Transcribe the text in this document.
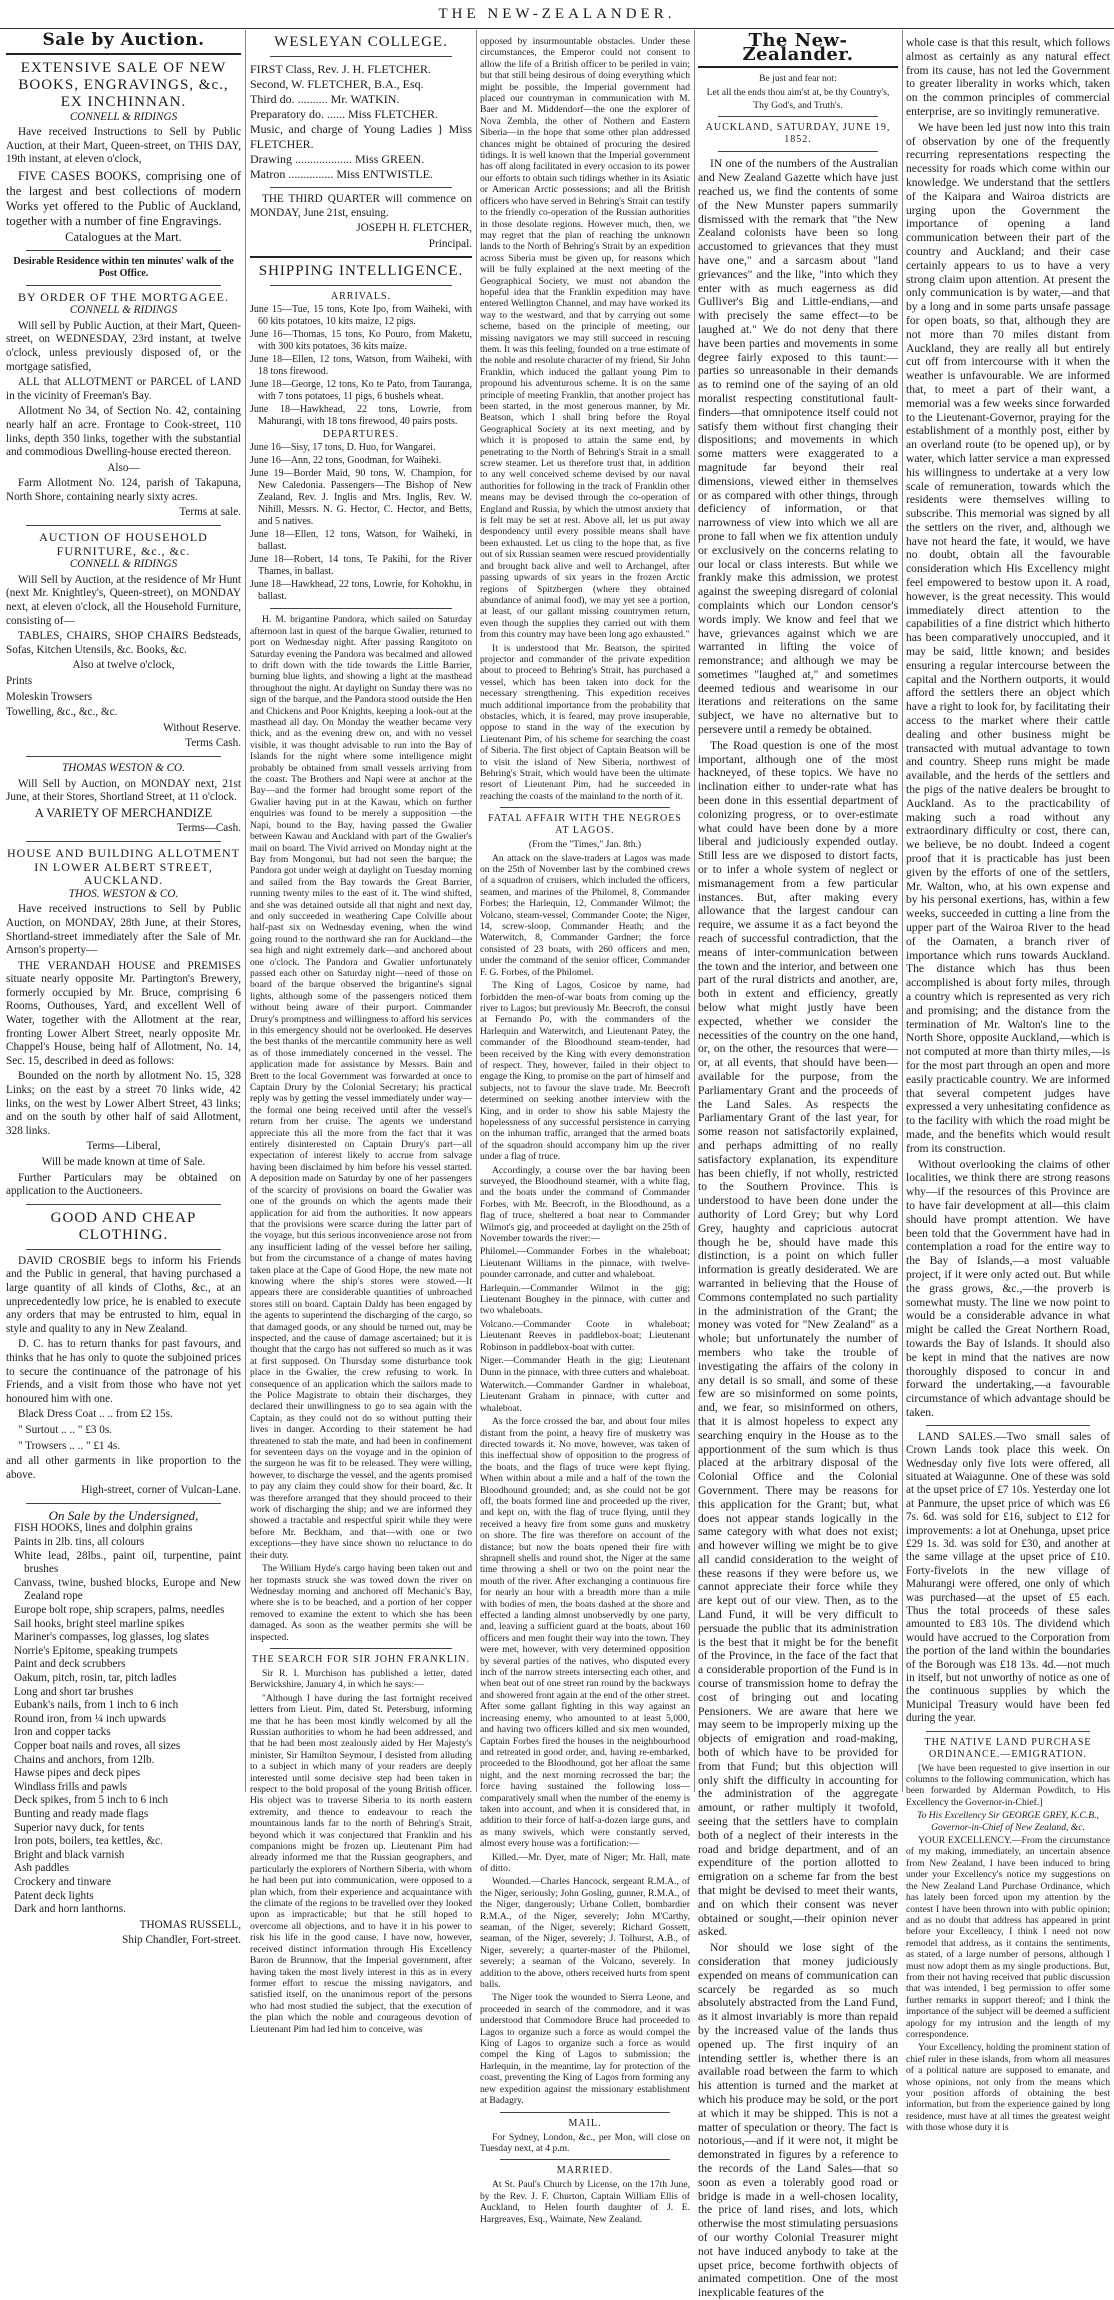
THE NEW-ZEALANDER.
Sale by Auction.
EXTENSIVE SALE OF NEW BOOKS, ENGRAVINGS, &c., EX INCHINNAN.
CONNELL & RIDINGS

Have received Instructions to Sell by Public Auction, at their Mart, Queen-street, on THIS DAY, 19th instant, at eleven o'clock,

FIVE CASES BOOKS, comprising one of the largest and best collections of modern Works yet offered to the Public of Auckland, together with a number of fine Engravings.

Catalogues at the Mart.

Desirable Residence within ten minutes' walk of the Post Office.

BY ORDER OF THE MORTGAGEE.
CONNELL & RIDINGS

Will sell by Public Auction, at their Mart, Queen-street, on WEDNESDAY, 23rd instant, at twelve o'clock, unless previously disposed of, or the mortgage satisfied,

ALL that ALLOTMENT or PARCEL of LAND in the vicinity of Freeman's Bay.

Allotment No 34, of Section No. 42, containing nearly half an acre. Frontage to Cook-street, 110 links, depth 350 links, together with the substantial and commodious Dwelling-house erected thereon.

Also—

Farm Allotment No. 124, parish of Takapuna, North Shore, containing nearly sixty acres.

Terms at sale.

AUCTION OF HOUSEHOLD FURNITURE, &c., &c.
CONNELL & RIDINGS

Will Sell by Auction, at the residence of Mr Hunt (next Mr. Knightley's, Queen-street), on MONDAY next, at eleven o'clock, all the Household Furniture, consisting of—

TABLES, CHAIRS, SHOP CHAIRS Bedsteads, Sofas, Kitchen Utensils, &c. Books, &c.

Also at twelve o'clock,

Prints

Moleskin Trowsers

Towelling, &c., &c., &c.

Without Reserve.

Terms Cash.

THOMAS WESTON & CO.

Will Sell by Auction, on MONDAY next, 21st June, at their Stores, Shortland Street, at 11 o'clock.

A VARIETY OF MERCHANDIZE

Terms—Cash.

HOUSE AND BUILDING ALLOTMENT IN LOWER ALBERT STREET, AUCKLAND.
THOS. WESTON & CO.

Have received instructions to Sell by Public Auction, on MONDAY, 28th June, at their Stores, Shortland-street immediately after the Sale of Mr. Arnson's property—

THE VERANDAH HOUSE and PREMISES situate nearly opposite Mr. Partington's Brewery, formerly occupied by Mr. Bruce, comprising 6 Rooms, Outhouses, Yard, and excellent Well of Water, together with the Allotment at the rear, fronting Lower Albert Street, nearly opposite Mr. Chappel's House, being half of Allotment, No. 14, Sec. 15, described in deed as follows:

Bounded on the north by allotment No. 15, 328 Links; on the east by a street 70 links wide, 42 links, on the west by Lower Albert Street, 43 links; and on the south by other half of said Allotment, 328 links.

Terms—Liberal,

Will be made known at time of Sale.

Further Particulars may be obtained on application to the Auctioneers.

GOOD AND CHEAP CLOTHING.

DAVID CROSBIE begs to inform his Friends and the Public in general, that having purchased a large quantity of all kinds of Cloths, &c., at an unprecedentedly low price, he is enabled to execute any orders that may be entrusted to him, equal in style and quality to any in New Zealand.

D. C. has to return thanks for past favours, and thinks that he has only to quote the subjoined prices to secure the continuance of the patronage of his Friends, and a visit from those who have not yet honoured him with one.

Black Dress Coat .. .. from £2 15s.

" Surtout .. .. " £3 0s.

" Trowsers .. .. " £1 4s.

and all other garments in like proportion to the above.

High-street, corner of Vulcan-Lane.

On Sale by the Undersigned,
FISH HOOKS, lines and dolphin grains
Paints in 2lb. tins, all colours
White lead, 28lbs., paint oil, turpentine, paint brushes
Canvass, twine, bushed blocks, Europe and New Zealand rope
Europe bolt rope, ship scrapers, palms, needles
Sail hooks, bright steel marline spikes
Mariner's compasses, log glasses, log slates
Norrie's Epitome, speaking trumpets
Paint and deck scrubbers
Oakum, pitch, rosin, tar, pitch ladles
Long and short tar brushes
Eubank's nails, from 1 inch to 6 inch
Round iron, from ¼ inch upwards
Iron and copper tacks
Copper boat nails and roves, all sizes
Chains and anchors, from 12lb.
Hawse pipes and deck pipes
Windlass frills and pawls
Deck spikes, from 5 inch to 6 inch
Bunting and ready made flags
Superior navy duck, for tents
Iron pots, boilers, tea kettles, &c.
Bright and black varnish
Ash paddles
Crockery and tinware
Patent deck lights
Dark and horn lanthorns.

THOMAS RUSSELL,

Ship Chandler, Fort-street.

WESLEYAN COLLEGE.

FIRST Class, Rev. J. H. FLETCHER.

Second, W. FLETCHER, B.A., Esq.

Third do. .......... Mr. WATKIN.

Preparatory do. ...... Miss FLETCHER.

Music, and charge of Young Ladies } Miss FLETCHER.

Drawing ................... Miss GREEN.

Matron ............... Miss ENTWISTLE.

THE THIRD QUARTER will commence on MONDAY, June 21st, ensuing.

JOSEPH H. FLETCHER,

Principal.

SHIPPING INTELLIGENCE.
ARRIVALS.

June 15—Tue, 15 tons, Kote Ipo, from Waiheki, with 60 kits potatoes, 10 kits maize, 12 pigs.

June 16—Thomas, 15 tons, Ko Pouro, from Maketu, with 300 kits potatoes, 36 kits maize.

June 18—Ellen, 12 tons, Watson, from Waiheki, with 18 tons firewood.

June 18—George, 12 tons, Ko te Pato, from Tauranga, with 7 tons potatoes, 11 pigs, 6 bushels wheat.

June 18—Hawkhead, 22 tons, Lowrie, from Mahurangi, with 18 tons firewood, 40 pairs posts.

DEPARTURES.

June 16—Sisy, 17 tons, D. Huo, for Wangarei.

June 16—Ann, 22 tons, Goodman, for Waiheki.

June 19—Border Maid, 90 tons, W. Champion, for New Caledonia. Passengers—The Bishop of New Zealand, Rev. J. Inglis and Mrs. Inglis, Rev. W. Nihill, Messrs. N. G. Hector, C. Hector, and Betts, and 5 natives.

June 18—Ellen, 12 tons, Watson, for Waiheki, in ballast.

June 18—Robert, 14 tons, Te Pakihi, for the River Thames, in ballast.

June 18—Hawkhead, 22 tons, Lowrie, for Kohokhu, in ballast.

H. M. brigantine Pandora, which sailed on Saturday afternoon last in quest of the barque Gwalier, returned to port on Wednesday night. After passing Rangitoto on Saturday evening the Pandora was becalmed and allowed to drift down with the tide towards the Little Barrier, burning blue lights, and showing a light at the masthead throughout the night. At daylight on Sunday there was no sign of the barque, and the Pandora stood outside the Hen and Chickens and Poor Knights, keeping a look-out at the masthead all day. On Monday the weather became very thick, and as the evening drew on, and with no vessel visible, it was thought advisable to run into the Bay of Islands for the night where some intelligence might probably be obtained from small vessels arriving from the coast. The Brothers and Napi were at anchor at the Bay—and the former had brought some report of the Gwalier having put in at the Kawau, which on further enquiries was found to be merely a supposition —the Napi, bound to the Bay, having passed the Gwalier between Kawau and Auckland with part of the Gwalier's mail on board. The Vivid arrived on Monday night at the Bay from Mongonui, but had not seen the barque; the Pandora got under weigh at daylight on Tuesday morning and sailed from the Bay towards the Great Barrier, running twenty miles to the east of it. The wind shifted, and she was detained outside all that night and next day, and only succeeded in weathering Cape Colville about half-past six on Wednesday evening, when the wind going round to the northward she ran for Auckland—the sea high and night extremely dark—and anchored about one o'clock. The Pandora and Gwalier unfortunately passed each other on Saturday night—need of those on board of the barque observed the brigantine's signal lights, although some of the passengers noticed them without being aware of their purport. Commander Drury's promptness and willingness to afford his services in this emergency should not be overlooked. He deserves the best thanks of the mercantile community here as well as of those immediately concerned in the vessel. The application made for assistance by Messrs. Bain and Brett to the local Government was forwarded at once to Captain Drury by the Colonial Secretary; his practical reply was by getting the vessel immediately under way—the formal one being received until after the vessel's return from her cruise. The agents we understand appreciate this all the more from the fact that it was entirely disinterested on Captain Drury's part—all expectation of interest likely to accrue from salvage having been disclaimed by him before his vessel started. A deposition made on Saturday by one of her passengers of the scarcity of provisions on board the Gwalier was one of the grounds on which the agents made their application for aid from the authorities. It now appears that the provisions were scarce during the latter part of the voyage, but this serious inconvenience arose not from any insufficient lading of the vessel before her sailing, but from the circumstance of a change of mates having taken place at the Cape of Good Hope, the new mate not knowing where the ship's stores were stowed.—It appears there are considerable quantities of unbroached stores still on board. Captain Daldy has been engaged by the agents to superintend the discharging of the cargo, so that damaged goods, or any should be turned out, may be inspected, and the cause of damage ascertained; but it is thought that the cargo has not suffered so much as it was at first supposed. On Thursday some disturbance took place in the Gwalier, the crew refusing to work. In consequence of an application which the sailors made to the Police Magistrate to obtain their discharges, they declared their unwillingness to go to sea again with the Captain, as they could not do so without putting their lives in danger. According to their statement he had threatened to stab the mate, and had been in confinement for seventeen days on the voyage and in the opinion of the surgeon he was fit to be released. They were willing, however, to discharge the vessel, and the agents promised to pay any claim they could show for their board, &c. It was therefore arranged that they should proceed to their work of discharging the ship; and we are informed they showed a tractable and respectful spirit while they were before Mr. Beckham, and that—with one or two exceptions—they have since shown no reluctance to do their duty.

The William Hyde's cargo having been taken out and her topmasts struck she was towed down the river on Wednesday morning and anchored off Mechanic's Bay, where she is to be beached, and a portion of her copper removed to examine the extent to which she has been damaged. As soon as the weather permits she will be inspected.

THE SEARCH FOR SIR JOHN FRANKLIN.

Sir R. I. Murchison has published a letter, dated Berwickshire, January 4, in which he says:—

"Although I have during the last fortnight received letters from Lieut. Pim, dated St. Petersburg, informing me that he has been most kindly welcomed by all the Russian authorities to whom he had been addressed, and that he had been most zealously aided by Her Majesty's minister, Sir Hamilton Seymour, I desisted from alluding to a subject in which many of your readers are deeply interested until some decisive step had been taken in respect to the bold proposal of the young British officer. His object was to traverse Siberia to its north eastern extremity, and thence to endeavour to reach the mountainous lands far to the north of Behring's Strait, beyond which it was conjectured that Franklin and his companions might be frozen up. Lieutenant Pim had already informed me that the Russian geographers, and particularly the explorers of Northern Siberia, with whom he had been put into communication, were opposed to a plan which, from their experience and acquaintance with the climate of the regions to be travelled over they looked upon as impracticable; but that he still hoped to overcome all objections, and to have it in his power to risk his life in the good cause. I have now, however, received distinct information through His Excellency Baron de Brunnow, that the Imperial government, after having taken the most lively interest in this as in every former effort to rescue the missing navigators, and satisfied itself, on the unanimous report of the persons who had most studied the subject, that the execution of the plan which the noble and courageous devotion of Lieutenant Pim had led him to conceive, was

opposed by insurmountable obstacles. Under these circumstances, the Emperor could not consent to allow the life of a British officer to be periled in vain; but that still being desirous of doing everything which might be possible, the Imperial government had placed our countryman in communication with M. Baer and M. Middendorf—the one the explorer of Nova Zembla, the other of Nothern and Eastern Siberia—in the hope that some other plan addressed chances might be obtained of procuring the desired tidings. It is well known that the Imperial government has off along facilitated in every occasion to its power our efforts to obtain such tidings whether in its Asiatic or American Arctic possessions; and all the British officers who have served in Behring's Strait can testify to the friendly co-operation of the Russian authorities in those desolate regions. However much, then, we may regret that the plan of reaching the unknown lands to the North of Behring's Strait by an expedition across Siberia must be given up, for reasons which will be fully explained at the next meeting of the Geographical Society, we must not abandon the hopeful idea that the Franklin expedition may have entered Wellington Channel, and may have worked its way to the westward, and that by carrying out some scheme, based on the principle of meeting, our missing navigators we may still succeed in rescuing them. It was this feeling, founded on a true estimate of the noble and resolute character of my friend, Sir John Franklin, which induced the gallant young Pim to propound his adventurous scheme. It is on the same principle of meeting Franklin, that another project has been started, in the most generous manner, by Mr. Beatson, which I shall bring before the Royal Geographical Society at its next meeting, and by which it is proposed to attain the same end, by penetrating to the North of Behring's Strait in a small screw steamer. Let us therefore trust that, in addition to any well conceived scheme devised by our naval authorities for following in the track of Franklin other means may be devised through the co-operation of England and Russia, by which the utmost anxiety that is felt may be set at rest. Above all, let us put away despondency until every possible means shall have been exhausted. Let us cling to the hope that, as five out of six Russian seamen were rescued providentially and brought back alive and well to Archangel, after passing upwards of six years in the frozen Arctic regions of Spitzbergen (where they obtained abundance of animal food), we may yet see a portion, at least, of our gallant missing countrymen return, even though the supplies they carried out with them from this country may have been long ago exhausted."

It is understood that Mr. Beatson, the spirited projector and commander of the private expedition about to proceed to Behring's Strait, has purchased a vessel, which has been taken into dock for the necessary strengthening. This expedition receives much additional importance from the probability that obstacles, which, it is feared, may prove insuperable, oppose to stand in the way of the execution by Lieutenant Pim, of his scheme for searching the coast of Siberia. The first object of Captain Beatson will be to visit the island of New Siberia, northwest of Behring's Strait, which would have been the ultimate resort of Lieutenant Pim, had he succeeded in reaching the coasts of the mainland to the north of it.

FATAL AFFAIR WITH THE NEGROES AT LAGOS.

(From the "Times," Jan. 8th.)

An attack on the slave-traders at Lagos was made on the 25th of November last by the combined crews of a squadron of cruisers, which included the officers, seamen, and marines of the Philomel, 8, Commander Forbes; the Harlequin, 12, Commander Wilmot; the Volcano, steam-vessel, Commander Coote; the Niger, 14, screw-sloop, Commander Heath; and the Waterwitch, 8, Commander Gardner; the force consisted of 23 boats, with 260 officers and men, under the command of the senior officer, Commander F. G. Forbes, of the Philomel.

The King of Lagos, Cosicoe by name, had forbidden the men-of-war boats from coming up the river to Lagos; but previously Mr. Beecroft, the consul at Fernando Po, with the commanders of the Harlequin and Waterwitch, and Lieutenant Patey, the commander of the Bloodhound steam-tender, had been received by the King with every demonstration of respect. They, however, failed in their object to engage the King, to promise on the part of himself and subjects, not to favour the slave trade. Mr. Beecroft determined on seeking another interview with the King, and in order to show his sable Majesty the hopelessness of any successful persistence in carrying on the inhuman traffic, arranged that the armed boats of the squadron should accompany him up the river under a flag of truce.

Accordingly, a course over the bar having been surveyed, the Bloodhound steamer, with a white flag, and the boats under the command of Commander Forbes, with Mr. Beecroft, in the Bloodhound, as a flag of truce, sheltered a boat near to Commander Wilmot's gig, and proceeded at daylight on the 25th of November towards the river:—

Philomel.—Commander Forbes in the whaleboat; Lieutenant Williams in the pinnace, with twelve-pounder carronade, and cutter and whaleboat.

Harlequin.—Commander Wilmot in the gig; Lieutenant Boughey in the pinnace, with cutter and two whaleboats.

Volcano.—Commander Coote in whaleboat; Lieutenant Reeves in paddlebox-boat; Lieutenant Robinson in paddlebox-boat with cutter.

Niger.—Commander Heath in the gig; Lieutenant Dunn in the pinnace, with three cutters and whaleboat.

Waterwitch.—Commander Gardner in whaleboat, Lieutenant Graham in pinnace, with cutter and whaleboat.

As the force crossed the bar, and about four miles distant from the point, a heavy fire of musketry was directed towards it. No move, however, was taken of this ineffectual show of opposition to the progress of the boats, and the flags of truce were kept flying. When within about a mile and a half of the town the Bloodhound grounded; and, as she could not be got off, the boats formed line and proceeded up the river, and kept on, with the flag of truce flying, until they received a heavy fire from some guns and musketry on shore. The fire was therefore on account of the distance; but now the boats opened their fire with shrapnell shells and round shot, the Niger at the same time throwing a shell or two on the point near the mouth of the river. After exchanging a continuous fire for nearly an hour with a breadth more than a mile with bodies of men, the boats dashed at the shore and effected a landing almost unobservedly by one party, and, leaving a sufficient guard at the boats, about 160 officers and men fought their way into the town. They were met, however, with very determined opposition by several parties of the natives, who disputed every inch of the narrow streets intersecting each other, and when beat out of one street ran round by the backways and showered front again at the end of the other street. After some gallant fighting in this way against an increasing enemy, who amounted to at least 5,000, and having two officers killed and six men wounded, Captain Forbes fired the houses in the neighbourhood and retreated in good order, and, having re-embarked, proceeded to the Bloodhound, got her afloat the same night, and the next morning recrossed the bar; the force having sustained the following loss—comparatively small when the number of the enemy is taken into account, and when it is considered that, in addition to their force of half-a-dozen large guns, and as many swivels, which were constantly served, almost every house was a fortification:—

Killed.—Mr. Dyer, mate of Niger; Mr. Hall, mate of ditto.

Wounded.—Charles Hancock, sergeant R.M.A., of the Niger, seriously; John Gosling, gunner, R.M.A., of the Niger, dangerously; Urbane Collett, bombardier R.M.A., of the Niger, severely; John M'Carthy, seaman, of the Niger, severely; Richard Gossett, seaman, of the Niger, severely; J. Tolhurst, A.B., of Niger, severely; a quarter-master of the Philomel, severely; a seaman of the Volcano, severely. In addition to the above, others received hurts from spent balls.

The Niger took the wounded to Sierra Leone, and proceeded in search of the commodore, and it was understood that Commodore Bruce had proceeded to Lagos to organize such a force as would compel the King of Lagos to organize such a force as would compel the King of Lagos to submission; the Harlequin, in the meantime, lay for protection of the coast, preventing the King of Lagos from forming any new expedition against the missionary establishment at Badagry.

MAIL.

For Sydney, London, &c., per Mon, will close on Tuesday next, at 4 p.m.

MARRIED.

At St. Paul's Church by License, on the 17th June, by the Rev. J. F. Churton, Captain William Ellis of Auckland, to Helen fourth daughter of J. E. Hargreaves, Esq., Waimate, New Zealand.

The New-Zealander.

Be just and fear not:

Let all the ends thou aim'st at, be thy Country's,

Thy God's, and Truth's.

AUCKLAND, SATURDAY, JUNE 19, 1852.

IN one of the numbers of the Australian and New Zealand Gazette which have just reached us, we find the contents of some of the New Munster papers summarily dismissed with the remark that "the New Zealand colonists have been so long accustomed to grievances that they must have one," and a sarcasm about "land grievances" and the like, "into which they enter with as much eagerness as did Gulliver's Big and Little-endians,—and with precisely the same effect—to be laughed at." We do not deny that there have been parties and movements in some degree fairly exposed to this taunt:—parties so unreasonable in their demands as to remind one of the saying of an old moralist respecting constitutional fault-finders—that omnipotence itself could not satisfy them without first changing their dispositions; and movements in which some matters were exaggerated to a magnitude far beyond their real dimensions, viewed either in themselves or as compared with other things, through deficiency of information, or that narrowness of view into which we all are prone to fall when we fix attention unduly or exclusively on the concerns relating to our local or class interests. But while we frankly make this admission, we protest against the sweeping disregard of colonial complaints which our London censor's words imply. We know and feel that we have, grievances against which we are warranted in lifting the voice of remonstrance; and although we may be sometimes "laughed at," and sometimes deemed tedious and wearisome in our iterations and reiterations on the same subject, we have no alternative but to persevere until a remedy be obtained.

The Road question is one of the most important, although one of the most hackneyed, of these topics. We have no inclination either to under-rate what has been done in this essential department of colonizing progress, or to over-estimate what could have been done by a more liberal and judiciously expended outlay. Still less are we disposed to distort facts, or to infer a whole system of neglect or mismanagement from a few particular instances. But, after making every allowance that the largest candour can require, we assume it as a fact beyond the reach of successful contradiction, that the means of inter-communication between the town and the interior, and between one part of the rural districts and another, are, both in extent and efficiency, greatly below what might justly have been expected, whether we consider the necessities of the country on the one hand, or, on the other, the resources that were—or, at all events, that should have been—available for the purpose, from the Parliamentary Grant and the proceeds of the Land Sales. As respects the Parliamentary Grant of the last year, for some reason not satisfactorily explained, and perhaps admitting of no really satisfactory explanation, its expenditure has been chiefly, if not wholly, restricted to the Southern Province. This is understood to have been done under the authority of Lord Grey; but why Lord Grey, haughty and capricious autocrat though he be, should have made this distinction, is a point on which fuller information is greatly desiderated. We are warranted in believing that the House of Commons contemplated no such partiality in the administration of the Grant; the money was voted for "New Zealand" as a whole; but unfortunately the number of members who take the trouble of investigating the affairs of the colony in any detail is so small, and some of these few are so misinformed on some points, and, we fear, so misinformed on others, that it is almost hopeless to expect any searching enquiry in the House as to the apportionment of the sum which is thus placed at the arbitrary disposal of the Colonial Office and the Colonial Government. There may be reasons for this application for the Grant; but, what does not appear stands logically in the same category with what does not exist; and however willing we might be to give all candid consideration to the weight of these reasons if they were before us, we cannot appreciate their force while they are kept out of our view. Then, as to the Land Fund, it will be very difficult to persuade the public that its administration is the best that it might be for the benefit of the Province, in the face of the fact that a considerable proportion of the Fund is in course of transmission home to defray the cost of bringing out and locating Pensioners. We are aware that here we may seem to be improperly mixing up the objects of emigration and road-making, both of which have to be provided for from that Fund; but this objection will only shift the difficulty in accounting for the administration of the aggregate amount, or rather multiply it twofold, seeing that the settlers have to complain both of a neglect of their interests in the road and bridge department, and of an expenditure of the portion allotted to emigration on a scheme far from the best that might be devised to meet their wants, and on which their consent was never obtained or sought,—their opinion never asked.

Nor should we lose sight of the consideration that money judiciously expended on means of communication can scarcely be regarded as so much absolutely abstracted from the Land Fund, as it almost invariably is more than repaid by the increased value of the lands thus opened up. The first inquiry of an intending settler is, whether there is an available road between the farm to which his attention is turned and the market at which his produce may be sold, or the port at which it may be shipped. This is not a matter of speculation or theory. The fact is notorious,—and if it were not, it might be demonstrated in figures by a reference to the records of the Land Sales—that so soon as even a tolerably good road or bridge is made in a well-chosen locality, the price of land rises, and lots, which otherwise the most stimulating persuasions of our worthy Colonial Treasurer might not have induced anybody to take at the upset price, become forthwith objects of animated competition. One of the most inexplicable features of the

whole case is that this result, which follows almost as certainly as any natural effect from its cause, has not led the Government to greater liberality in works which, taken on the common principles of commercial enterprise, are so invitingly remunerative.

We have been led just now into this train of observation by one of the frequently recurring representations respecting the necessity for roads which come within our knowledge. We understand that the settlers of the Kaipara and Wairoa districts are urging upon the Government the importance of opening a land communication between their part of the country and Auckland; and their case certainly appears to us to have a very strong claim upon attention. At present the only communication is by water,—and that by a long and in some parts unsafe passage for open boats, so that, although they are not more than 70 miles distant from Auckland, they are really all but entirely cut off from intercourse with it when the weather is unfavourable. We are informed that, to meet a part of their want, a memorial was a few weeks since forwarded to the Lieutenant-Governor, praying for the establishment of a monthly post, either by an overland route (to be opened up), or by water, which latter service a man expressed his willingness to undertake at a very low scale of remuneration, towards which the residents were themselves willing to subscribe. This memorial was signed by all the settlers on the river, and, although we have not heard the fate, it would, we have no doubt, obtain all the favourable consideration which His Excellency might feel empowered to bestow upon it. A road, however, is the great necessity. This would immediately direct attention to the capabilities of a fine district which hitherto has been comparatively unoccupied, and it may be said, little known; and besides ensuring a regular intercourse between the capital and the Northern outports, it would afford the settlers there an object which have a right to look for, by facilitating their access to the market where their cattle dealing and other business might be transacted with mutual advantage to town and country. Sheep runs might be made available, and the herds of the settlers and the pigs of the native dealers be brought to Auckland. As to the practicability of making such a road without any extraordinary difficulty or cost, there can, we believe, be no doubt. Indeed a cogent proof that it is practicable has just been given by the efforts of one of the settlers, Mr. Walton, who, at his own expense and by his personal exertions, has, within a few weeks, succeeded in cutting a line from the upper part of the Wairoa River to the head of the Oamaten, a branch river of importance which runs towards Auckland. The distance which has thus been accomplished is about forty miles, through a country which is represented as very rich and promising; and the distance from the termination of Mr. Walton's line to the North Shore, opposite Auckland,—which is not computed at more than thirty miles,—is for the most part through an open and more easily practicable country. We are informed that several competent judges have expressed a very unhesitating confidence as to the facility with which the road might be made, and the benefits which would result from its construction.

Without overlooking the claims of other localities, we think there are strong reasons why—if the resources of this Province are to have fair development at all—this claim should have prompt attention. We have been told that the Government have had in contemplation a road for the entire way to the Bay of Islands,—a most valuable project, if it were only acted out. But while the grass grows, &c.,—the proverb is somewhat musty. The line we now point to would be a considerable advance in what might be called the Great Northern Road, towards the Bay of Islands. It should also be kept in mind that the natives are now thoroughly disposed to concur in and forward the undertaking,—a favourable circumstance of which advantage should be taken.

LAND SALES.—Two small sales of Crown Lands took place this week. On Wednesday only five lots were offered, all situated at Waiagunne. One of these was sold at the upset price of £7 10s. Yesterday one lot at Panmure, the upset price of which was £6 7s. 6d. was sold for £16, subject to £12 for improvements: a lot at Onehunga, upset price £29 1s. 3d. was sold for £30, and another at the same village at the upset price of £10. Forty-fivelots in the new village of Mahurangi were offered, one only of which was purchased—at the upset of £5 each. Thus the total proceeds of these sales amounted to £83 10s. The dividend which would have accrued to the Corporation from the portion of the land within the boundaries of the Borough was £18 13s. 4d.—not much in itself, but not unworthy of notice as one of the continuous supplies by which the Municipal Treasury would have been fed during the year.

THE NATIVE LAND PURCHASE ORDINANCE.—EMIGRATION.

[We have been requested to give insertion in our columns to the following communication, which has been forwarded by Alderman Powditch, to His Excellency the Governor-in-Chief.]

To His Excellency Sir GEORGE GREY, K.C.B., Governor-in-Chief of New Zealand, &c.

YOUR EXCELLENCY.—From the circumstance of my making, immediately, an uncertain absence from New Zealand, I have been induced to bring under your Excellency's notice my suggestions on the New Zealand Land Purchase Ordinance, which has lately been forced upon my attention by the contest I have been thrown into with public opinion; and as no doubt that address has appeared in print before your Excellency, I think I need not now remodel that address, as it contains the sentiments, as stated, of a large number of persons, although I must now adopt them as my single productions. But, from their not having received that public discussion that was intended, I beg permission to offer some further remarks in support thereof; and I think the importance of the subject will be deemed a sufficient apology for my intrusion and the length of my correspondence.

Your Excellency, holding the prominent station of chief ruler in these islands, from whom all measures of a political nature are supposed to emanate, and whose opinions, not only from the means which your position affords of obtaining the best information, but from the experience gained by long residence, must have at all times the greatest weight with those whose duty it is
